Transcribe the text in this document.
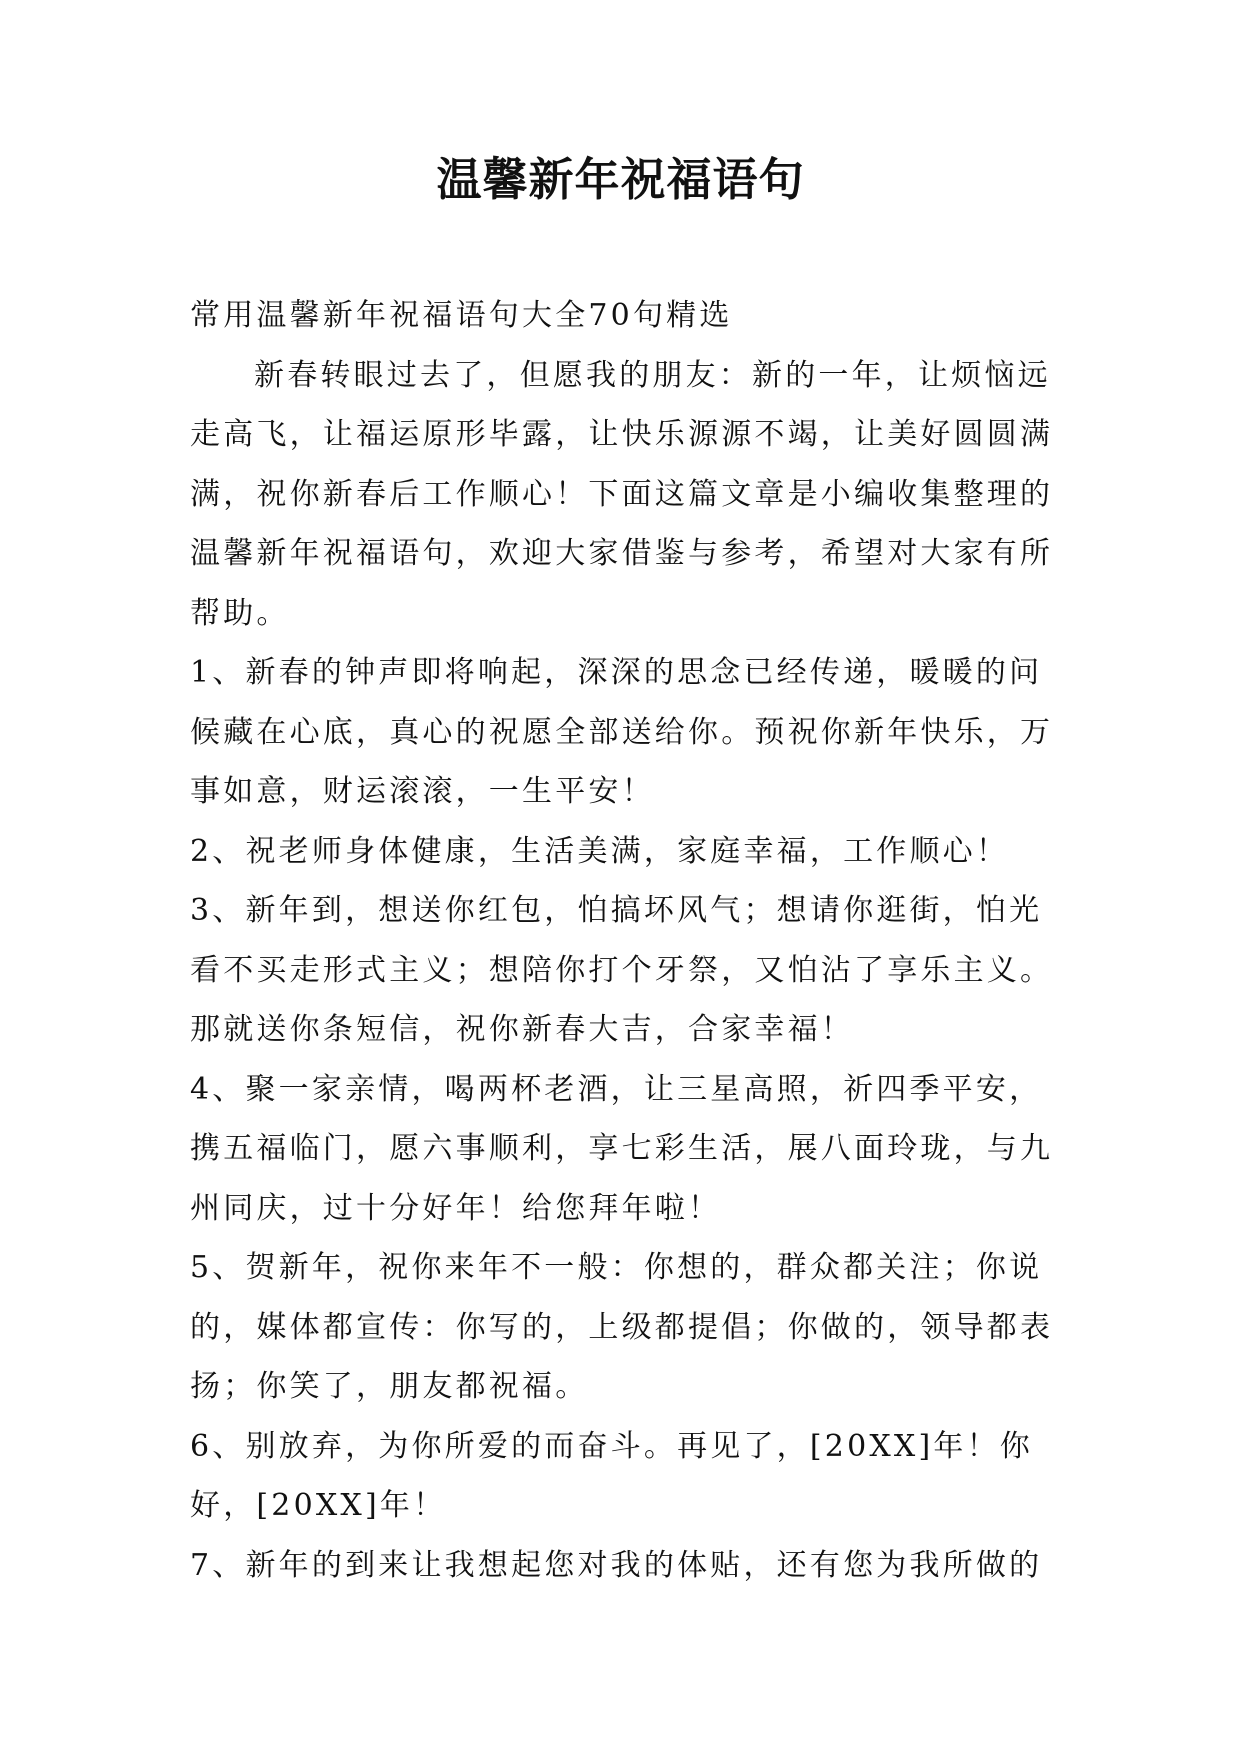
温馨新年祝福语句

常用温馨新年祝福语句大全70句精选

新春转眼过去了，但愿我的朋友：新的一年，让烦恼远走高飞，让福运原形毕露，让快乐源源不竭，让美好圆圆满满，祝你新春后工作顺心！下面这篇文章是小编收集整理的温馨新年祝福语句，欢迎大家借鉴与参考，希望对大家有所帮助。

1、新春的钟声即将响起，深深的思念已经传递，暖暖的问候藏在心底，真心的祝愿全部送给你。预祝你新年快乐，万事如意，财运滚滚，一生平安！

2、祝老师身体健康，生活美满，家庭幸福，工作顺心！

3、新年到，想送你红包，怕搞坏风气；想请你逛街，怕光看不买走形式主义；想陪你打个牙祭，又怕沾了享乐主义。那就送你条短信，祝你新春大吉，合家幸福！

4、聚一家亲情，喝两杯老酒，让三星高照，祈四季平安，携五福临门，愿六事顺利，享七彩生活，展八面玲珑，与九州同庆，过十分好年！给您拜年啦！

5、贺新年，祝你来年不一般：你想的，群众都关注；你说的，媒体都宣传：你写的，上级都提倡；你做的，领导都表扬；你笑了，朋友都祝福。

6、别放弃，为你所爱的而奋斗。再见了，[20XX]年！你好，[20XX]年！

7、新年的到来让我想起您对我的体贴，还有您为我所做的
